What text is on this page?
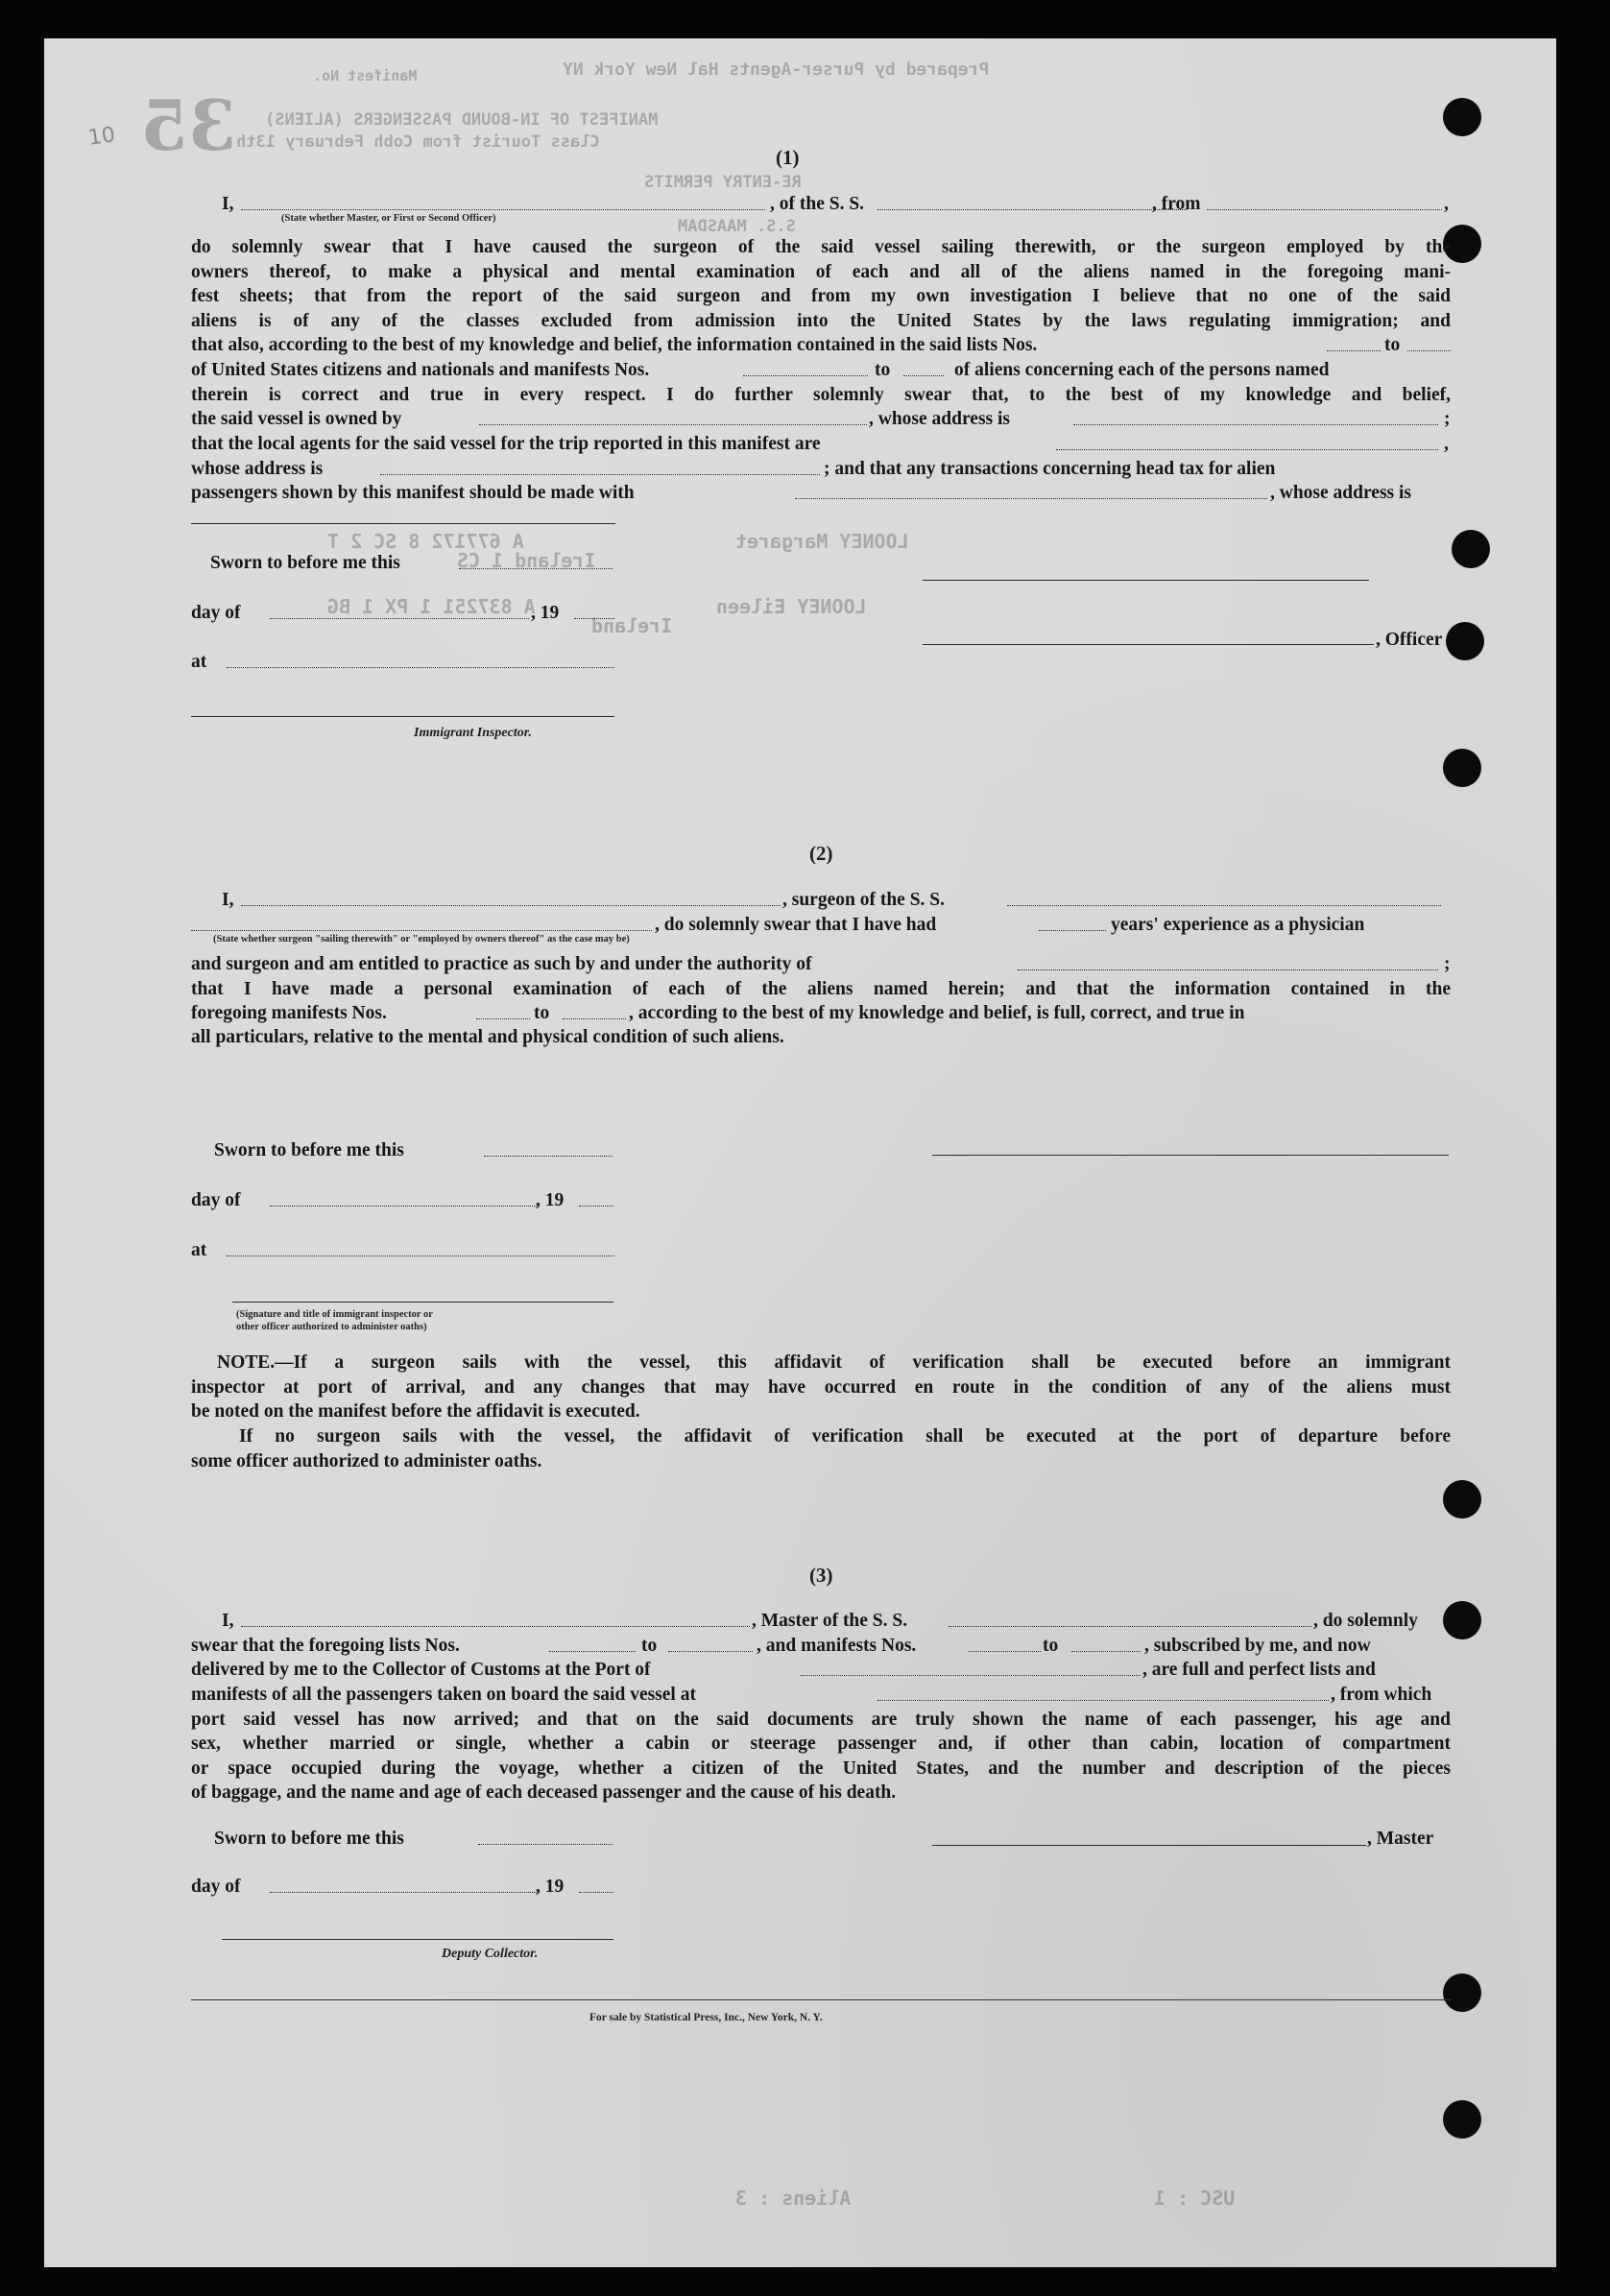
Prepared by Purser-Agents Hal New York NY
MANIFEST OF IN-BOUND PASSENGERS (ALIENS)
Manifest No.
Class Tourist from Cobh February 13th
RE-ENTRY PERMITS
S.S. MAASDAM
LOONEY Margaret
A 677172 8 SC 2 T
Ireland 1 CS
LOONEY Eileen
A 837251 1 PX 1 BG
Ireland
USC : 1
Aliens : 3
10 35	(1)
I,	, of the S. S.	, from	,
(State whether Master, or First or Second Officer)
do solemnly swear that I have caused the surgeon of the said vessel sailing therewith, or the surgeon employed by the
owners thereof, to make a physical and mental examination of each and all of the aliens named in the foregoing mani-
fest sheets; that from the report of the said surgeon and from my own investigation I believe that no one of the said
aliens is of any of the classes excluded from admission into the United States by the laws regulating immigration; and
that also, according to the best of my knowledge and belief, the information contained in the said lists Nos.	to
of United States citizens and nationals and manifests Nos.	to	of aliens concerning each of the persons named
therein is correct and true in every respect. I do further solemnly swear that, to the best of my knowledge and belief,
the said vessel is owned by	, whose address is	;
that the local agents for the said vessel for the trip reported in this manifest are	,
whose address is	; and that any transactions concerning head tax for alien
passengers shown by this manifest should be made with	, whose address is
Sworn to before me this
day of	, 19
, Officer
at
Immigrant Inspector.
(2)
I,	, surgeon of the S. S.
, do solemnly swear that I have had	years' experience as a physician
(State whether surgeon "sailing therewith" or "employed by owners thereof" as the case may be)
and surgeon and am entitled to practice as such by and under the authority of	;
that I have made a personal examination of each of the aliens named herein; and that the information contained in the
foregoing manifests Nos.	to	, according to the best of my knowledge and belief, is full, correct, and true in
all particulars, relative to the mental and physical condition of such aliens.
Sworn to before me this
day of	, 19
at
(Signature and title of immigrant inspector or
other officer authorized to administer oaths)
NOTE.—If a surgeon sails with the vessel, this affidavit of verification shall be executed before an immigrant
inspector at port of arrival, and any changes that may have occurred en route in the condition of any of the aliens must
be noted on the manifest before the affidavit is executed.
If no surgeon sails with the vessel, the affidavit of verification shall be executed at the port of departure before
some officer authorized to administer oaths.
(3)
I,	, Master of the S. S.	, do solemnly
swear that the foregoing lists Nos.	to	, and manifests Nos.	to	, subscribed by me, and now
delivered by me to the Collector of Customs at the Port of	, are full and perfect lists and
manifests of all the passengers taken on board the said vessel at	, from which
port said vessel has now arrived; and that on the said documents are truly shown the name of each passenger, his age and
sex, whether married or single, whether a cabin or steerage passenger and, if other than cabin, location of compartment
or space occupied during the voyage, whether a citizen of the United States, and the number and description of the pieces
of baggage, and the name and age of each deceased passenger and the cause of his death.
Sworn to before me this	, Master
day of	, 19
Deputy Collector.
For sale by Statistical Press, Inc., New York, N. Y.
